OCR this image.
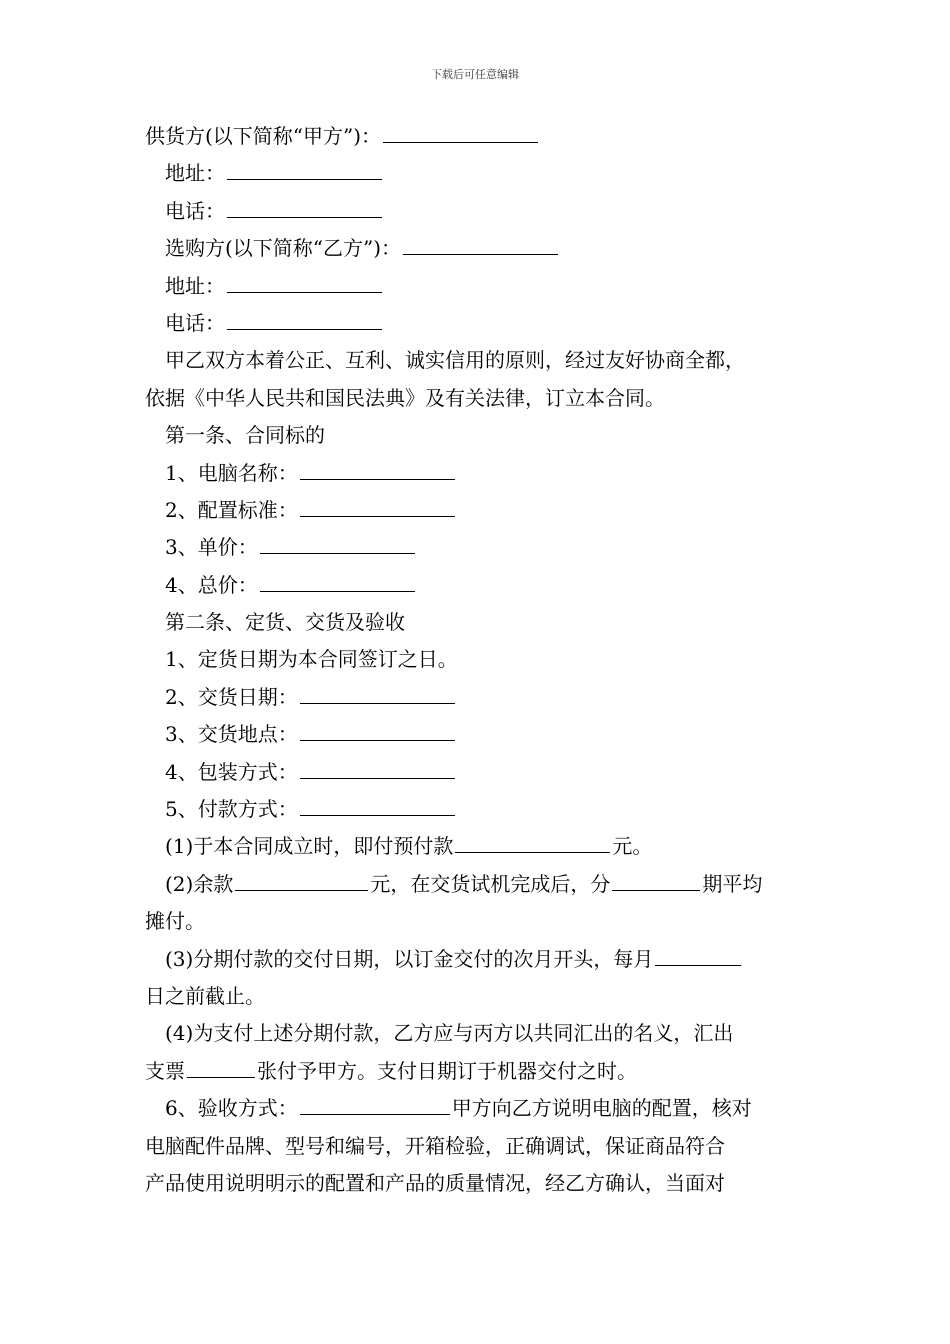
下载后可任意编辑
供货方(以下简称“甲方”)：
地址：
电话：
选购方(以下简称“乙方”)：
地址：
电话：
甲乙双方本着公正、互利、诚实信用的原则，经过友好协商全都，
依据《中华人民共和国民法典》及有关法律，订立本合同。
第一条、合同标的
1、电脑名称：
2、配置标准：
3、单价：
4、总价：
第二条、定货、交货及验收
1、定货日期为本合同签订之日。
2、交货日期：
3、交货地点：
4、包装方式：
5、付款方式：
(1)于本合同成立时，即付预付款	元。
(2)余款	元，在交货试机完成后，分	期平均
摊付。
(3)分期付款的交付日期，以订金交付的次月开头，每月
日之前截止。
(4)为支付上述分期付款，乙方应与丙方以共同汇出的名义，汇出
支票	张付予甲方。支付日期订于机器交付之时。
6、验收方式：	甲方向乙方说明电脑的配置，核对
电脑配件品牌、型号和编号，开箱检验，正确调试，保证商品符合
产品使用说明明示的配置和产品的质量情况，经乙方确认，当面对
